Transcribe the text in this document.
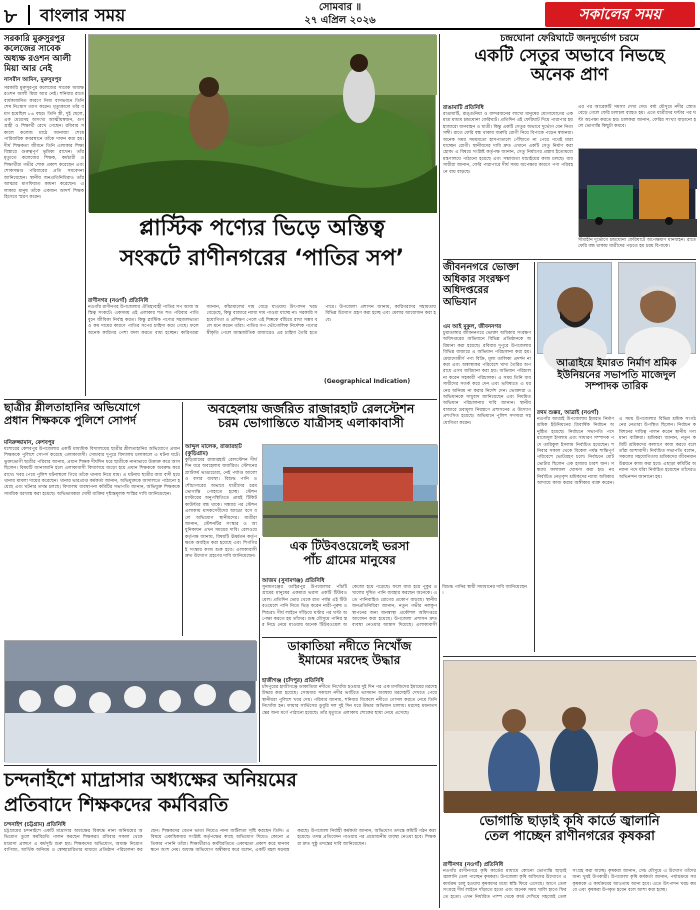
৮ বাংলার সময়	সোমবার ॥
২৭ এপ্রিল ২০২৬	সকালের সময়
সরকারি মুরুসুরপুর কলেজের সাবেক অধ্যক্ষ রওশন আলী মিয়া আর নেই
নাসরীন আমিন, মুরুসুরপুর
সরকারি মুরুসুরপুর কলেজের সাবেক অধ্যক্ষ রওশন আলী মিয়া আর নেই। শনিবার রাতে বার্ধক্যজনিত কারণে নিজ বাসভবনে তিনি শেষ নিঃশ্বাস ত্যাগ করেন। মৃত্যুকালে তাঁর বয়স হয়েছিল ৮৬ বছর। তিনি স্ত্রী, দুই ছেলে, এক মেয়েসহ অসংখ্য আত্মীয়স্বজন, গুণগ্রাহী ও শিক্ষার্থী রেখে গেছেন। রবিবার সকালে কলেজ মাঠে জানাজা শেষে পারিবারিক কবরস্থানে তাঁকে দাফন করা হয়। দীর্ঘ শিক্ষকতা জীবনে তিনি এলাকার শিক্ষা বিস্তারে গুরুত্বপূর্ণ ভূমিকা রাখেন। তাঁর মৃত্যুতে কলেজের শিক্ষক, কর্মচারী ও শিক্ষার্থীরা গভীর শোক প্রকাশ করেছেন এবং শোকসন্তপ্ত পরিবারের প্রতি সমবেদনা জানিয়েছেন। স্থানীয় জনপ্রতিনিধিরাও তাঁর আত্মার মাগফিরাত কামনা করেছেন। এলাকার মানুষ তাঁকে একজন আদর্শ শিক্ষক হিসেবে স্মরণ করেন।
প্লাস্টিক পণ্যের ভিড়ে অস্তিত্ব
সংকটে রাণীনগরের ‘পাতির সপ’
রাণীনগর (নওগাঁ) প্রতিনিধি
নওগাঁর রাণীনগর উপজেলার ঐতিহ্যবাহী পাতির সপ আজ অস্তিত্ব সংকটে। একসময় এই এলাকার শত শত পরিবার পাতি বুনে জীবিকা নির্বাহ করত। কিন্তু প্লাস্টিক পণ্যের সহজলভ্যতা ও কম দামের কারণে পাতির সপের চাহিদা কমে গেছে। ফলে অনেক কারিগর পেশা বদল করতে বাধ্য হচ্ছেন। কারিগররা জানান, কাঁচামালের দাম বেড়ে যাওয়ায় উৎপাদন খরচ বেড়েছে, কিন্তু বাজারে ন্যায্য দাম পাওয়া যাচ্ছে না। সরকারি সহযোগিতা ও প্রশিক্ষণ পেলে এই শিল্পকে বাঁচিয়ে রাখা সম্ভব বলে মনে করেন তাঁরা। পাতির সপ ভৌগোলিক নির্দেশক পণ্যের স্বীকৃতি পেলে আন্তর্জাতিক বাজারেও এর চাহিদা তৈরি হতে পারে। উপজেলা প্রশাসন জানায়, কারিগরদের সহায়তায় বিভিন্ন উদ্যোগ গ্রহণ করা হচ্ছে এবং মেলার আয়োজন করা হবে।
(Geographical Indication)
চন্দ্রঘোনা ফেরিঘাটে জনদুর্ভোগ চরমে
একটি সেতুর অভাবে নিভছে
অনেক প্রাণ
রাঙামাটি প্রতিনিধি
রাঙামাটি, রাঙ্গুনিয়া ও বান্দরবানের লাখো মানুষের যোগাযোগের একমাত্র মাধ্যম চন্দ্রঘোনা ফেরিঘাট। প্রতিদিন এই ফেরিঘাট দিয়ে পারাপার হয় হাজারো যানবাহন ও যাত্রী। কিন্তু একটি সেতুর অভাবে দুর্ভোগ যেন নিত্যসঙ্গী। রাতে ফেরি বন্ধ থাকায় জরুরি রোগী নিয়ে বিপাকে পড়েন স্বজনরা। অনেক সময় সময়মতো হাসপাতালে পৌঁছাতে না পেরে পথেই মারা যাচ্ছেন রোগী। স্থানীয়দের দাবি দ্রুত এখানে একটি সেতু নির্মাণ করা হোক। এ বিষয়ে সংশ্লিষ্ট কর্তৃপক্ষ জানান, সেতু নির্মাণের প্রস্তাব ইতোমধ্যে মন্ত্রণালয়ে পাঠানো হয়েছে এবং সম্ভাব্যতা যাচাইয়ের কাজ চলছে। ব্যবসায়ীরা জানান, ফেরি পারাপারে দীর্ঘ সময় অপেক্ষার কারণে পণ্য পরিবহনে ব্যয় বাড়ছে।
এর পর আরেকটি সমস্যা দেখা দেয়। বর্ষা মৌসুমে নদীর স্রোত বেড়ে গেলে ফেরি চলাচল ব্যাহত হয়। এতে যাত্রীদের ঘণ্টার পর ঘণ্টা অপেক্ষা করতে হয়। চালকরা জানান, ফেরির সংখ্যা বাড়ানো হলে ভোগান্তি কিছুটা কমবে।
সীমাহীন দুর্ভোগে চন্দ্রঘোনা ফেরিঘাটে অপেক্ষমাণ যানবাহন। রাতে ফেরি বন্ধ থাকায় যাত্রীদের পড়তে হয় চরম বিপাকে।
জীবননগরে ভোক্তা
অধিকার সংরক্ষণ
অধিদপ্তরের
অভিযান
এম আই মুকুল, জীবননগর
চুয়াডাঙ্গার জীবননগরে ভোক্তা অধিকার সংরক্ষণ অধিদপ্তরের অভিযানে বিভিন্ন প্রতিষ্ঠানকে জরিমানা করা হয়েছে। রবিবার দুপুরে উপজেলার বিভিন্ন বাজারে এ অভিযান পরিচালনা করা হয়। মেয়াদোত্তীর্ণ পণ্য বিক্রি, মূল্য তালিকা প্রদর্শন না করা এবং অস্বাস্থ্যকর পরিবেশে খাদ্য তৈরির অপরাধে এসব জরিমানা করা হয়। অভিযান পরিচালনা করেন সহকারী পরিচালক। এ সময় তিনি ব্যবসায়ীদের সতর্ক করে দেন এবং ভবিষ্যতে এ ধরনের অনিয়ম না করার নির্দেশ দেন। ভোক্তারা এ অভিযানকে সাধুবাদ জানিয়েছেন এবং নিয়মিত অভিযান পরিচালনার দাবি জানান। স্থানীয় বাজারে দ্রব্যমূল্য নিয়ন্ত্রণে প্রশাসনের এ উদ্যোগ প্রশংসিত হয়েছে। অভিযানে পুলিশ সদস্যরা সহযোগিতা করেন।
আত্রাইয়ে ইমারত নির্মাণ শ্রমিক
ইউনিয়নের সভাপতি মাজেদুল
সম্পাদক তারিক
রথম শুক্কর, আত্রাই (নওগাঁ)
নওগাঁর আত্রাই উপজেলায় ইমারত নির্মাণ শ্রমিক ইউনিয়নের ত্রিবার্ষিক নির্বাচন অনুষ্ঠিত হয়েছে। নির্বাচনে সভাপতি পদে মাজেদুল ইসলাম এবং সাধারণ সম্পাদক পদে তারিকুল ইসলাম নির্বাচিত হয়েছেন। শনিবার সকাল থেকে বিকেল পর্যন্ত শান্তিপূর্ণ পরিবেশে ভোটগ্রহণ চলে। নির্বাচনে মোট ভোটার ছিলেন এক হাজার চারশ জন। সন্ধ্যায় ফলাফল ঘোষণা করা হয়। নবনির্বাচিত নেতৃবৃন্দ শ্রমিকদের ন্যায্য অধিকার আদায়ে কাজ করার অঙ্গীকার ব্যক্ত করেন। এ সময় উপজেলার বিভিন্ন শ্রমিক সংগঠনের নেতারা উপস্থিত ছিলেন। নির্বাচন কমিশনের দায়িত্ব পালন করেন স্থানীয় গণ্যমান্য ব্যক্তিরা। শ্রমিকরা জানান, নতুন কমিটি শ্রমিকদের কল্যাণে কাজ করবে বলে তাঁরা আশাবাদী। নির্বাচিত সভাপতি বলেন, সকলের সহযোগিতায় শ্রমিকদের জীবনমান উন্নয়নে কাজ করা হবে। এছাড়া কমিটির অন্যান্য পদে যাঁরা নির্বাচিত হয়েছেন তাঁদেরও অভিনন্দন জানানো হয়।
ছাত্রীর শ্লীলতাহানির অভিযোগে
প্রধান শিক্ষককে পুলিশে সোপর্দ
মনিরুজ্জামান, কেশবপুর
যশোরের কেশবপুর উপজেলার একটি মাধ্যমিক বিদ্যালয়ের ছাত্রীর শ্লীলতাহানির অভিযোগে প্রধান শিক্ষককে পুলিশে সোপর্দ করেছে এলাকাবাসী। সোমবার দুপুরে বিদ্যালয় চলাকালে এ ঘটনা ঘটে। ভুক্তভোগী ছাত্রীর পরিবার জানায়, প্রধান শিক্ষক দীর্ঘদিন ধরে ছাত্রীকে নানাভাবে উত্ত্যক্ত করে আসছিলেন। বিষয়টি জানাজানি হলে এলাকাবাসী বিদ্যালয়ে জড়ো হয়ে প্রধান শিক্ষককে অবরুদ্ধ করে রাখে। খবর পেয়ে পুলিশ ঘটনাস্থলে গিয়ে তাঁকে থানায় নিয়ে যায়। এ ঘটনায় ছাত্রীর বাবা বাদী হয়ে থানায় মামলা দায়ের করেছেন। থানার ভারপ্রাপ্ত কর্মকর্তা জানান, অভিযুক্তকে আদালতে পাঠানো হয়েছে এবং ঘটনার তদন্ত চলছে। বিদ্যালয় ব্যবস্থাপনা কমিটির সভাপতি জানান, অভিযুক্ত শিক্ষককে সাময়িক বরখাস্ত করা হয়েছে। অভিভাবকরা দোষী ব্যক্তির দৃষ্টান্তমূলক শাস্তির দাবি জানিয়েছেন।
অবহেলায় জর্জরিত রাজারহাট রেলস্টেশন
চরম ভোগান্তিতে যাত্রীসহ এলাকাবাসী
আব্দুল মালেক, রাজারহাট (কুড়িগ্রাম)
কুড়িগ্রামের রাজারহাট রেলস্টেশন দীর্ঘদিন ধরে অবহেলায় জর্জরিত। স্টেশনের প্ল্যাটফর্ম ভাঙাচোরা, নেই পর্যাপ্ত আলো ও বসার ব্যবস্থা। বিশুদ্ধ পানি ও শৌচাগারের অভাবে যাত্রীদের চরম ভোগান্তি পোহাতে হচ্ছে। স্টেশন মাস্টারের অনুপস্থিতিতে প্রায়ই টিকিট কাউন্টার বন্ধ থাকে। সন্ধ্যার পর স্টেশন এলাকায় মাদকসেবীদের আড্ডা বসে বলে অভিযোগ স্থানীয়দের। যাত্রীরা জানান, স্টেশনটির সংস্কার ও আধুনিকায়ন এখন সময়ের দাবি। রেলওয়ে কর্তৃপক্ষ জানায়, বিষয়টি ঊর্ধ্বতন কর্তৃপক্ষকে অবহিত করা হয়েছে এবং শিগগিরই সংস্কার কাজ শুরু হবে। এলাকাবাসী দ্রুত উদ্যোগ গ্রহণের দাবি জানিয়েছেন।
এক টিউবওয়েলেই ভরসা
পাঁচ গ্রামের মানুষের
আজম (সুনামগঞ্জ) প্রতিনিধি
সুনামগঞ্জের তাহিরপুর উপজেলার পাঁচটি গ্রামের মানুষের একমাত্র ভরসা একটি টিউবওয়েল। প্রতিদিন ভোর থেকে রাত পর্যন্ত এই টিউবওয়েলে পানি নিতে ভিড় করেন নারী-পুরুষ ও শিশুরা। দীর্ঘ লাইনে দাঁড়িয়ে ঘণ্টার পর ঘণ্টা অপেক্ষা করতে হয় তাঁদের। শুষ্ক মৌসুমে পানির স্তর নিচে নেমে যাওয়ায় অনেক টিউবওয়েল অকেজো হয়ে পড়েছে। ফলে বাধ্য হয়ে পুকুর ও খালের দূষিত পানি ব্যবহার করছেন অনেকে। এতে পানিবাহিত রোগের প্রকোপ বাড়ছে। স্থানীয় জনপ্রতিনিধিরা জানান, নতুন গভীর নলকূপ স্থাপনের জন্য জনস্বাস্থ্য প্রকৌশল অধিদপ্তরে আবেদন করা হয়েছে। উপজেলা প্রশাসন দ্রুত ব্যবস্থা নেওয়ার আশ্বাস দিয়েছে। এলাকাবাসী বিশুদ্ধ পানির স্থায়ী সমাধানের দাবি জানিয়েছেন।
ডাকাতিয়া নদীতে নিখোঁজ
ইমামের মরদেহ উদ্ধার
হাজীগঞ্জ (চাঁদপুর) প্রতিনিধি
চাঁদপুরের হাজীগঞ্জে ডাকাতিয়া নদীতে নিখোঁজ হওয়ার দুই দিন পর এক মসজিদের ইমামের মরদেহ উদ্ধার করা হয়েছে। সোমবার সকালে নদীর ভাটিতে ভাসমান অবস্থায় মরদেহটি দেখতে পেয়ে স্থানীয়রা পুলিশে খবর দেয়। পরিবার জানায়, শনিবার বিকেলে নদীতে গোসল করতে নেমে তিনি নিখোঁজ হন। ফায়ার সার্ভিসের ডুবুরি দল দুই দিন ধরে উদ্ধার অভিযান চালায়। মরদেহ ময়নাতদন্তের জন্য মর্গে পাঠানো হয়েছে। তাঁর মৃত্যুতে এলাকায় শোকের ছায়া নেমে এসেছে।
চন্দনাইশে মাদ্রাসার অধ্যক্ষের অনিয়মের
প্রতিবাদে শিক্ষকদের কর্মবিরতি
চন্দনাইশ (চট্টগ্রাম) প্রতিনিধি
চট্টগ্রামের চন্দনাইশে একটি মাদ্রাসার অধ্যক্ষের বিরুদ্ধে নানা অনিয়মের অভিযোগ তুলে কর্মবিরতি পালন করছেন শিক্ষকরা। রবিবার সকাল থেকে মাদ্রাসা প্রাঙ্গণে এ কর্মসূচি শুরু হয়। শিক্ষকদের অভিযোগ, অধ্যক্ষ নিয়োগ বাণিজ্য, আর্থিক অনিয়ম ও স্বেচ্ছাচারিতার মাধ্যমে প্রতিষ্ঠান পরিচালনা করছেন। শিক্ষকদের বেতন ভাতা নিয়েও নানা জটিলতা সৃষ্টি করছেন তিনি। এ বিষয়ে একাধিকবার সংশ্লিষ্ট কর্তৃপক্ষের কাছে অভিযোগ দিয়েও কোনো প্রতিকার পাননি তাঁরা। শিক্ষার্থীরাও কর্মবিরতিতে একাত্মতা প্রকাশ করে মানববন্ধনে অংশ নেয়। অধ্যক্ষ অভিযোগ অস্বীকার করে বলেন, একটি মহল ষড়যন্ত্র করছে। উপজেলা নির্বাহী কর্মকর্তা জানান, অভিযোগ তদন্তে কমিটি গঠন করা হয়েছে। তদন্ত প্রতিবেদন পাওয়ার পর প্রয়োজনীয় ব্যবস্থা নেওয়া হবে। শিক্ষকরা দ্রুত সুষ্ঠু তদন্তের দাবি জানিয়েছেন।
ভোগান্তি ছাড়াই কৃষি কার্ডে জ্বালানি
তেল পাচ্ছেন রাণীনগরের কৃষকরা
রাণীনগর (নওগাঁ) প্রতিনিধি
নওগাঁর রাণীনগরে কৃষি কার্ডের মাধ্যমে কোনো ভোগান্তি ছাড়াই জ্বালানি তেল পাচ্ছেন কৃষকরা। উপজেলা কৃষি অফিসের উদ্যোগে এ কার্যক্রম চালু হওয়ায় কৃষকদের মধ্যে স্বস্তি ফিরে এসেছে। আগে তেল সংগ্রহে দীর্ঘ লাইনে দাঁড়াতে হতো এবং অনেক সময় খালি হাতে ফিরতে হতো। এখন নির্ধারিত পাম্প থেকে কার্ড দেখিয়ে সহজেই তেল সংগ্রহ করা যাচ্ছে। কৃষকরা জানান, সেচ মৌসুমে এ উদ্যোগ তাঁদের জন্য খুবই উপকারী। উপজেলা কৃষি কর্মকর্তা জানান, পর্যায়ক্রমে সব কৃষককে এ কার্যক্রমের আওতায় আনা হবে। এতে উৎপাদন খরচ কমবে এবং কৃষকরা উপকৃত হবেন বলে আশা করা হচ্ছে।
